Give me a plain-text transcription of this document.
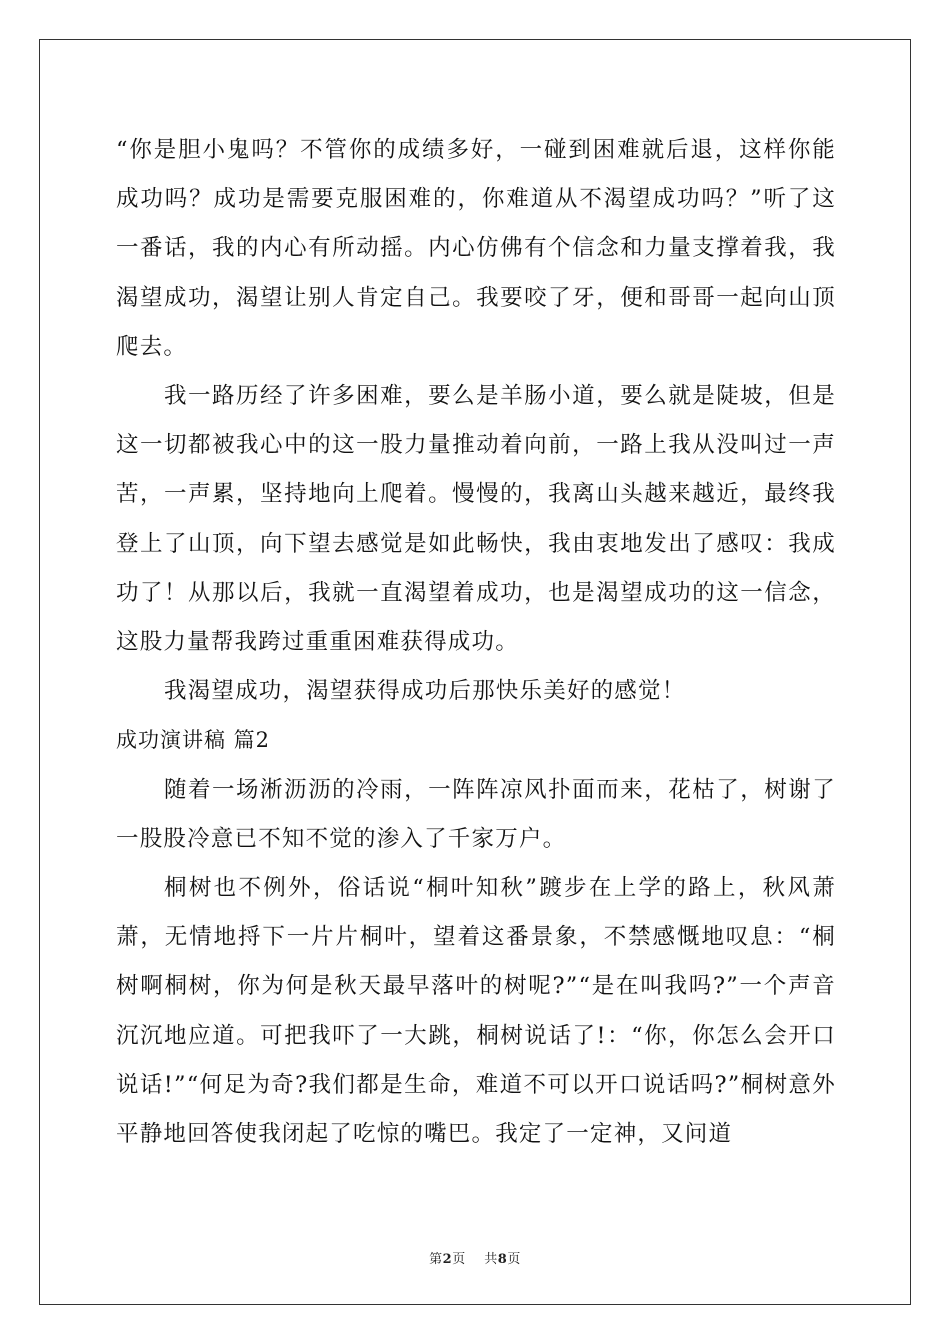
“你是胆小鬼吗？不管你的成绩多好，一碰到困难就后退，这样你能成功吗？成功是需要克服困难的，你难道从不渴望成功吗？”听了这一番话，我的内心有所动摇。内心仿佛有个信念和力量支撑着我，我渴望成功，渴望让别人肯定自己。我要咬了牙，便和哥哥一起向山顶爬去。

我一路历经了许多困难，要么是羊肠小道，要么就是陡坡，但是这一切都被我心中的这一股力量推动着向前，一路上我从没叫过一声苦，一声累，坚持地向上爬着。慢慢的，我离山头越来越近，最终我登上了山顶，向下望去感觉是如此畅快，我由衷地发出了感叹：我成功了！从那以后，我就一直渴望着成功，也是渴望成功的这一信念，这股力量帮我跨过重重困难获得成功。

我渴望成功，渴望获得成功后那快乐美好的感觉！

成功演讲稿 篇2

随着一场淅沥沥的冷雨，一阵阵凉风扑面而来，花枯了，树谢了一股股冷意已不知不觉的渗入了千家万户。

桐树也不例外，俗话说“桐叶知秋”踱步在上学的路上，秋风萧萧，无情地捋下一片片桐叶，望着这番景象，不禁感慨地叹息：“桐树啊桐树，你为何是秋天最早落叶的树呢?”“是在叫我吗?”一个声音沉沉地应道。可把我吓了一大跳，桐树说话了!：“你，你怎么会开口说话!”“何足为奇?我们都是生命，难道不可以开口说话吗?”桐树意外平静地回答使我闭起了吃惊的嘴巴。我定了一定神，又问道

第2页 共8页
